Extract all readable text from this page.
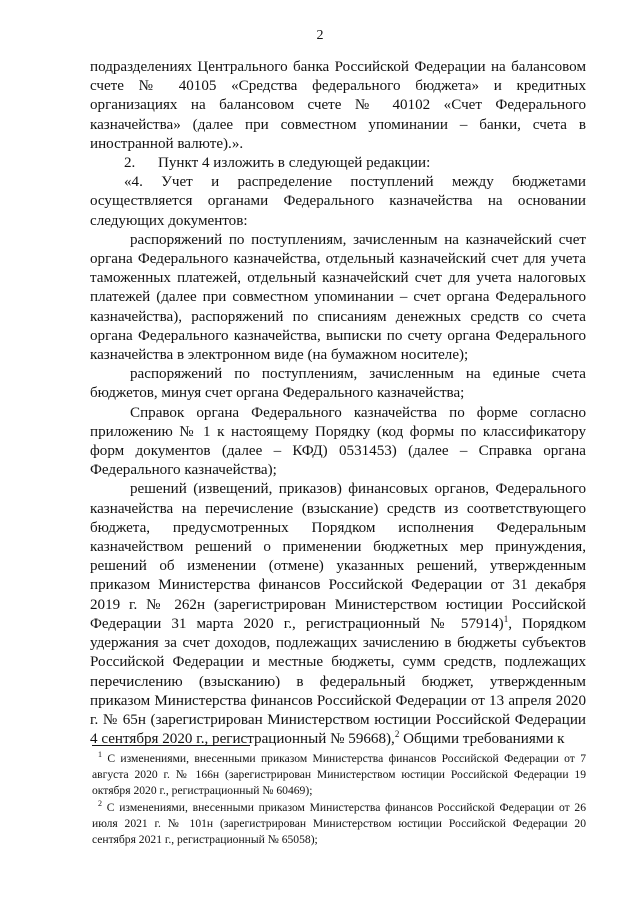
2

подразделениях Центрального банка Российской Федерации на балансовом счете № 40105 «Средства федерального бюджета» и кредитных организациях на балансовом счете № 40102 «Счет Федерального казначейства» (далее при совместном упоминании – банки, счета в иностранной валюте).».

2.      Пункт 4 изложить в следующей редакции:

«4. Учет и распределение поступлений между бюджетами осуществляется органами Федерального казначейства на основании следующих документов:

распоряжений по поступлениям, зачисленным на казначейский счет органа Федерального казначейства, отдельный казначейский счет для учета таможенных платежей, отдельный казначейский счет для учета налоговых платежей (далее при совместном упоминании – счет органа Федерального казначейства), распоряжений по списаниям денежных средств со счета органа Федерального казначейства, выписки по счету органа Федерального казначейства в электронном виде (на бумажном носителе);

распоряжений по поступлениям, зачисленным на единые счета бюджетов, минуя счет органа Федерального казначейства;

Справок органа Федерального казначейства по форме согласно приложению № 1 к настоящему Порядку (код формы по классификатору форм документов (далее – КФД) 0531453) (далее – Справка органа Федерального казначейства);

решений (извещений, приказов) финансовых органов, Федерального казначейства на перечисление (взыскание) средств из соответствующего бюджета, предусмотренных Порядком исполнения Федеральным казначейством решений о применении бюджетных мер принуждения, решений об изменении (отмене) указанных решений, утвержденным приказом Министерства финансов Российской Федерации от 31 декабря 2019 г. № 262н (зарегистрирован Министерством юстиции Российской Федерации 31 марта 2020 г., регистрационный № 57914)$^1$, Порядком удержания за счет доходов, подлежащих зачислению в бюджеты субъектов Российской Федерации и местные бюджеты, сумм средств, подлежащих перечислению (взысканию) в федеральный бюджет, утвержденным приказом Министерства финансов Российской Федерации от 13 апреля 2020 г. № 65н (зарегистрирован Министерством юстиции Российской Федерации 4 сентября 2020 г., регистрационный № 59668),$^2$ Общими требованиями к

$^1$ С изменениями, внесенными приказом Министерства финансов Российской Федерации от 7 августа 2020 г. № 166н (зарегистрирован Министерством юстиции Российской Федерации 19 октября 2020 г., регистрационный № 60469);

$^2$ С изменениями, внесенными приказом Министерства финансов Российской Федерации от 26 июля 2021 г. № 101н (зарегистрирован Министерством юстиции Российской Федерации 20 сентября 2021 г., регистрационный № 65058);
